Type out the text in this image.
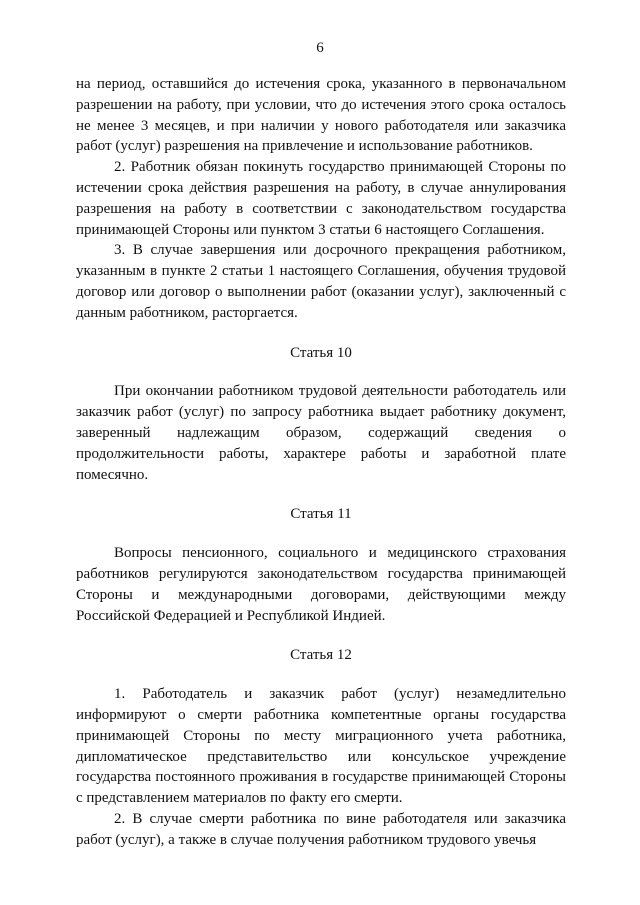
6

на период, оставшийся до истечения срока, указанного в первоначальном разрешении на работу, при условии, что до истечения этого срока осталось не менее 3 месяцев, и при наличии у нового работодателя или заказчика работ (услуг) разрешения на привлечение и использование работников.

2. Работник обязан покинуть государство принимающей Стороны по истечении срока действия разрешения на работу, в случае аннулирования разрешения на работу в соответствии с законодательством государства принимающей Стороны или пунктом 3 статьи 6 настоящего Соглашения.

3. В случае завершения или досрочного прекращения работником, указанным в пункте 2 статьи 1 настоящего Соглашения, обучения трудовой договор или договор о выполнении работ (оказании услуг), заключенный с данным работником, расторгается.

Статья 10

При окончании работником трудовой деятельности работодатель или заказчик работ (услуг) по запросу работника выдает работнику документ, заверенный надлежащим образом, содержащий сведения о продолжительности работы, характере работы и заработной плате помесячно.

Статья 11

Вопросы пенсионного, социального и медицинского страхования работников регулируются законодательством государства принимающей Стороны и международными договорами, действующими между Российской Федерацией и Республикой Индией.

Статья 12

1. Работодатель и заказчик работ (услуг) незамедлительно информируют о смерти работника компетентные органы государства принимающей Стороны по месту миграционного учета работника, дипломатическое представительство или консульское учреждение государства постоянного проживания в государстве принимающей Стороны с представлением материалов по факту его смерти.

2. В случае смерти работника по вине работодателя или заказчика работ (услуг), а также в случае получения работником трудового увечья
